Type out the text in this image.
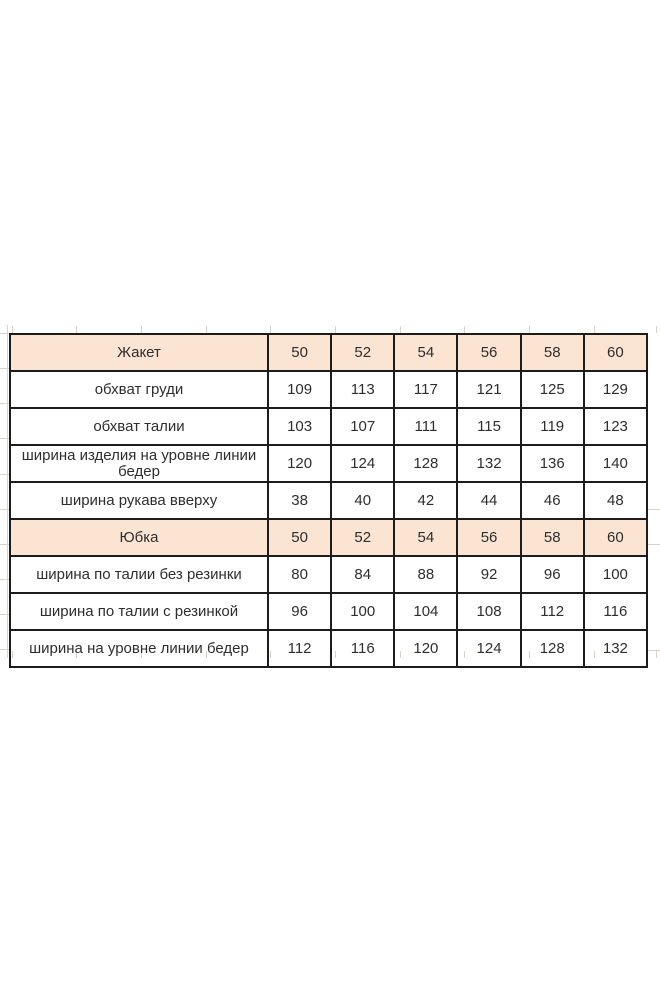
Жакет	50	52	54	56	58	60
обхват груди	109	113	117	121	125	129
обхват талии	103	107	111	115	119	123
ширина изделия на уровне линии бедер	120	124	128	132	136	140
ширина рукава вверху	38	40	42	44	46	48
Юбка	50	52	54	56	58	60
ширина по талии без резинки	80	84	88	92	96	100
ширина по талии с резинкой	96	100	104	108	112	116
ширина на уровне линии бедер	112	116	120	124	128	132
